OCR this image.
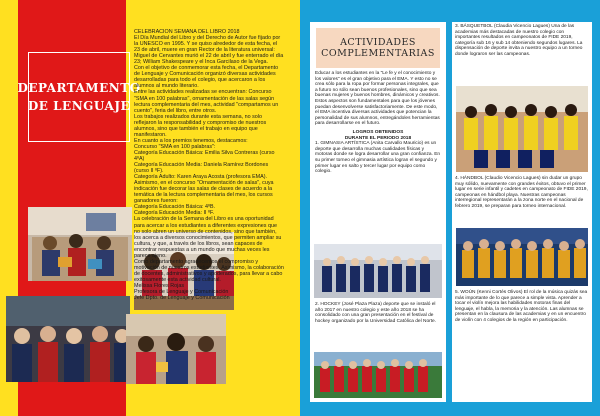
DEPARTAMENTO DE LENGUAJE

CELEBRACIÓN SEMANA DEL LIBRO 2018

El Día Mundial del Libro y del Derecho de Autor fue fijado por la UNESCO en 1995. Y se quiso alrededor de esta fecha, el 23 de abril, muere en gran Rector de la literatura universal: Miguel de Cervantes murió el 22 de abril y fue enterrado el día 23; William Shakespeare y el Inca Garcilaso de la Vega.

Con el objetivo de conmemorar esta fecha, el Departamento de Lenguaje y Comunicación organizó diversas actividades desarrolladas para todo el colegio, que acercaron a los alumnos al mundo literario.

Entre las actividades realizadas se encuentran: Concurso "SMA en 100 palabras", ornamentación de las salas según lectura complementaria del mes, actividad "compartamos un cuento", feria del libro, entre otros.

Los trabajos realizados durante esta semana, no solo reflejaron la responsabilidad y compromiso de nuestros alumnos, sino que también el trabajo en equipo que manifestaron.

En cuanto a los premios tenemos, destacamos:

Concurso "SMA en 100 palabras":

Categoría Educación Básica: Emilia Silva Contreras (curso 4ºA)

Categoría Educación Media: Daniela Ramírez Bordones (curso II ºF).

Categoría Adulto: Karen Araya Acosta (profesora EMA).

Asimismo, en el concurso "Ornamentación de salas", cuya indicación fue decorar las salas de clases de acuerdo a la temática de la lectura complementaria del mes, los cursos ganadores fueron:

Categoría Educación Básica: 4ºB.

Categoría Educación Media: II ºF.

La celebración de la Semana del Libro es una oportunidad para acercar a los estudiantes a diferentes expresiones que no solo abren un universo de contenidos, sino que también, los acerca a diversos conocimientos, que permiten ampliar su cultura, y que, a través de los libros, sean capaces de encontrar respuestas a un mundo que muchas veces les parece ajeno.

Como departamento agradecemos el compromiso y motivación de nuestros estudiantes. Asimismo, la colaboración de docentes, administrativos y apoderados, para llevar a cabo exitosamente esta actividad cultural.

Melissa Flores Rojas

Profesora de Lenguaje y Comunicación

Jefe Dpto. de Lenguaje y Comunicación

ACTIVIDADES COMPLEMENTARIAS

Educar a los estudiantes en la "Le fe y el conocimiento y los valores" es el gran objetivo para el EMA. Y esto no se crea sólo para la ropa por formar personas integrales, que a futuro no sólo sean buenos profesionales, sino que sea buenas mujeres y buenos hombres, dinámicos y creativos.

Estos aspectos son fundamentales para que los jóvenes puedan desenvolverse satisfactoriamente. De este modo, el EMA incentiva diversas actividades que potencian la personalidad de sus alumnos, entregándoles herramientas para desarrollarse en el futuro.

LOGROS OBTENIDOS

DURANTE EL PERIODO 2018

1. GIMNASIA ARTÍSTICA (Anita Carvallo Mauricio) es un deporte que desarrolla muchas cualidades físicas y motoras donde se logra desarrollar una gran confianza. En su primer torneo el gimnasia artística logran el segundo y primer lugar en salto y tercer lugar por equipo como colegio.

2. HOCKEY (José Plaza Plaza) deporte que se instaló el año 2017 en nuestro colegio y este año 2018 se ha consolidado con una gran presentación en el festival de hockey organizado por la Universidad Católica del Norte.

3. BÁSQUETBOL (Claudia Vicencio Lagues) Una de las academias más destacadas de nuestro colegio con importantes resultados en campeonatos de FIDE 2019, categoría sub 16 y sub 14 obteniendo segundos lugares. La dispensación de deporte invita a nuestro equipo a un torneo donde lograron ser las campeonas.

4. HÁNDBOL (Claudio Vicencio Lagues) sin dudar un grupo muy sólido, nuevamente con grandes éxitos, obtuvo el primer lugar en serie infantil y cadetes en campeonato de FIDE 2019, campeonas en hándbol playa. Nuestras campeonas interregional representarán a la zona norte en el nacional de febrero 2019, se preparan para torneo internacional.

5. WOÚN (Kenni Cortés Olivos) El rol de la música quizás sea más importante de lo que parece a simple vista. Aprender a tocar el violín mejora las habilidades motoras finas del lenguaje, el habla, la memoria y la atención. Las alumnas se presentan en la clausura de las academias y en un encuentro de violín con 4 colegios de la región en participación.
